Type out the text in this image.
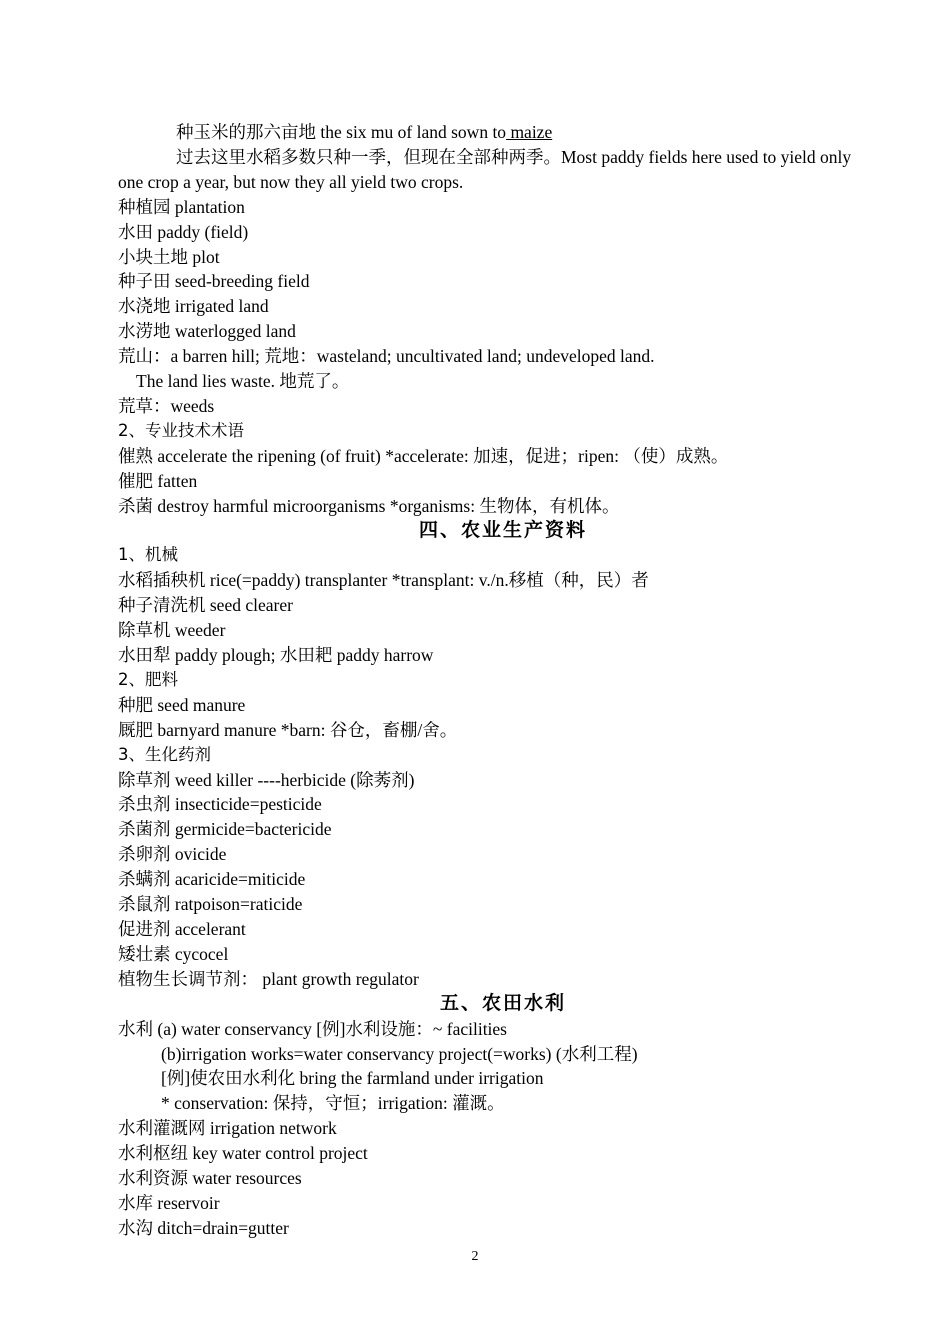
种玉米的那六亩地 the six mu of land sown to maize
过去这里水稻多数只种一季，但现在全部种两季。Most paddy fields here used to yield only one crop a year, but now they all yield two crops.
种植园 plantation
水田 paddy (field)
小块土地 plot
种子田 seed-breeding field
水浇地 irrigated land
水涝地 waterlogged land
荒山：a barren hill; 荒地：wasteland; uncultivated land; undeveloped land.
The land lies waste. 地荒了。
荒草：weeds
2、专业技术术语
催熟 accelerate the ripening (of fruit) *accelerate: 加速，促进；ripen: （使）成熟。
催肥 fatten
杀菌 destroy harmful microorganisms *organisms: 生物体，有机体。
四、农业生产资料
1、机械
水稻插秧机 rice(=paddy) transplanter *transplant: v./n.移植（种，民）者
种子清洗机 seed clearer
除草机 weeder
水田犁 paddy plough; 水田耙 paddy harrow
2、肥料
种肥 seed manure
厩肥 barnyard manure *barn: 谷仓，畜棚/舍。
3、生化药剂
除草剂 weed killer ----herbicide (除莠剂)
杀虫剂 insecticide=pesticide
杀菌剂 germicide=bactericide
杀卵剂 ovicide
杀螨剂 acaricide=miticide
杀鼠剂 ratpoison=raticide
促进剂 accelerant
矮壮素 cycocel
植物生长调节剂： plant growth regulator
五、农田水利
水利 (a) water conservancy [例]水利设施：~ facilities
(b)irrigation works=water conservancy project(=works) (水利工程)
[例]使农田水利化 bring the farmland under irrigation
* conservation: 保持，守恒；irrigation: 灌溉。
水利灌溉网 irrigation network
水利枢纽 key water control project
水利资源 water resources
水库 reservoir
水沟 ditch=drain=gutter
2
